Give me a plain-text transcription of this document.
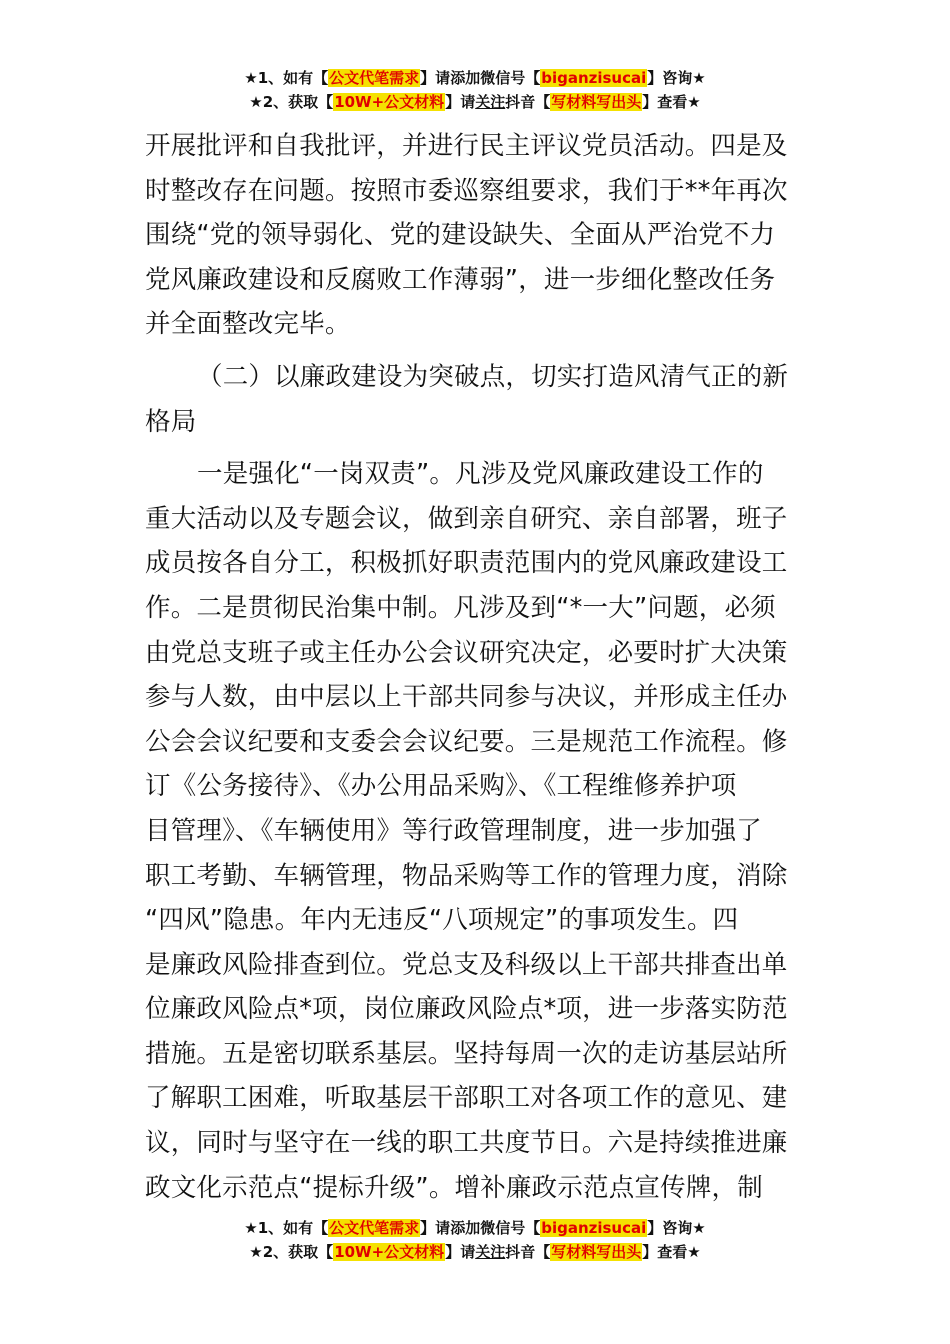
★1、如有【公文代笔需求】请添加微信号【biganzisucai】咨询★
★2、获取【10W+公文材料】请关注抖音【写材料写出头】查看★
开展批评和自我批评，并进行民主评议党员活动。四是及
时整改存在问题。按照市委巡察组要求，我们于**年再次
围绕“党的领导弱化、党的建设缺失、全面从严治党不力
党风廉政建设和反腐败工作薄弱”，进一步细化整改任务
并全面整改完毕。
（二）以廉政建设为突破点，切实打造风清气正的新
格局
一是强化“一岗双责”。凡涉及党风廉政建设工作的
重大活动以及专题会议，做到亲自研究、亲自部署，班子
成员按各自分工，积极抓好职责范围内的党风廉政建设工
作。二是贯彻民治集中制。凡涉及到“*一大”问题，必须
由党总支班子或主任办公会议研究决定，必要时扩大决策
参与人数，由中层以上干部共同参与决议，并形成主任办
公会会议纪要和支委会会议纪要。三是规范工作流程。修
订《公务接待》、《办公用品采购》、《工程维修养护项
目管理》、《车辆使用》等行政管理制度，进一步加强了
职工考勤、车辆管理，物品采购等工作的管理力度，消除
“四风”隐患。年内无违反“八项规定”的事项发生。四
是廉政风险排查到位。党总支及科级以上干部共排查出单
位廉政风险点*项，岗位廉政风险点*项，进一步落实防范
措施。五是密切联系基层。坚持每周一次的走访基层站所
了解职工困难，听取基层干部职工对各项工作的意见、建
议，同时与坚守在一线的职工共度节日。六是持续推进廉
政文化示范点“提标升级”。增补廉政示范点宣传牌，制
★1、如有【公文代笔需求】请添加微信号【biganzisucai】咨询★
★2、获取【10W+公文材料】请关注抖音【写材料写出头】查看★
